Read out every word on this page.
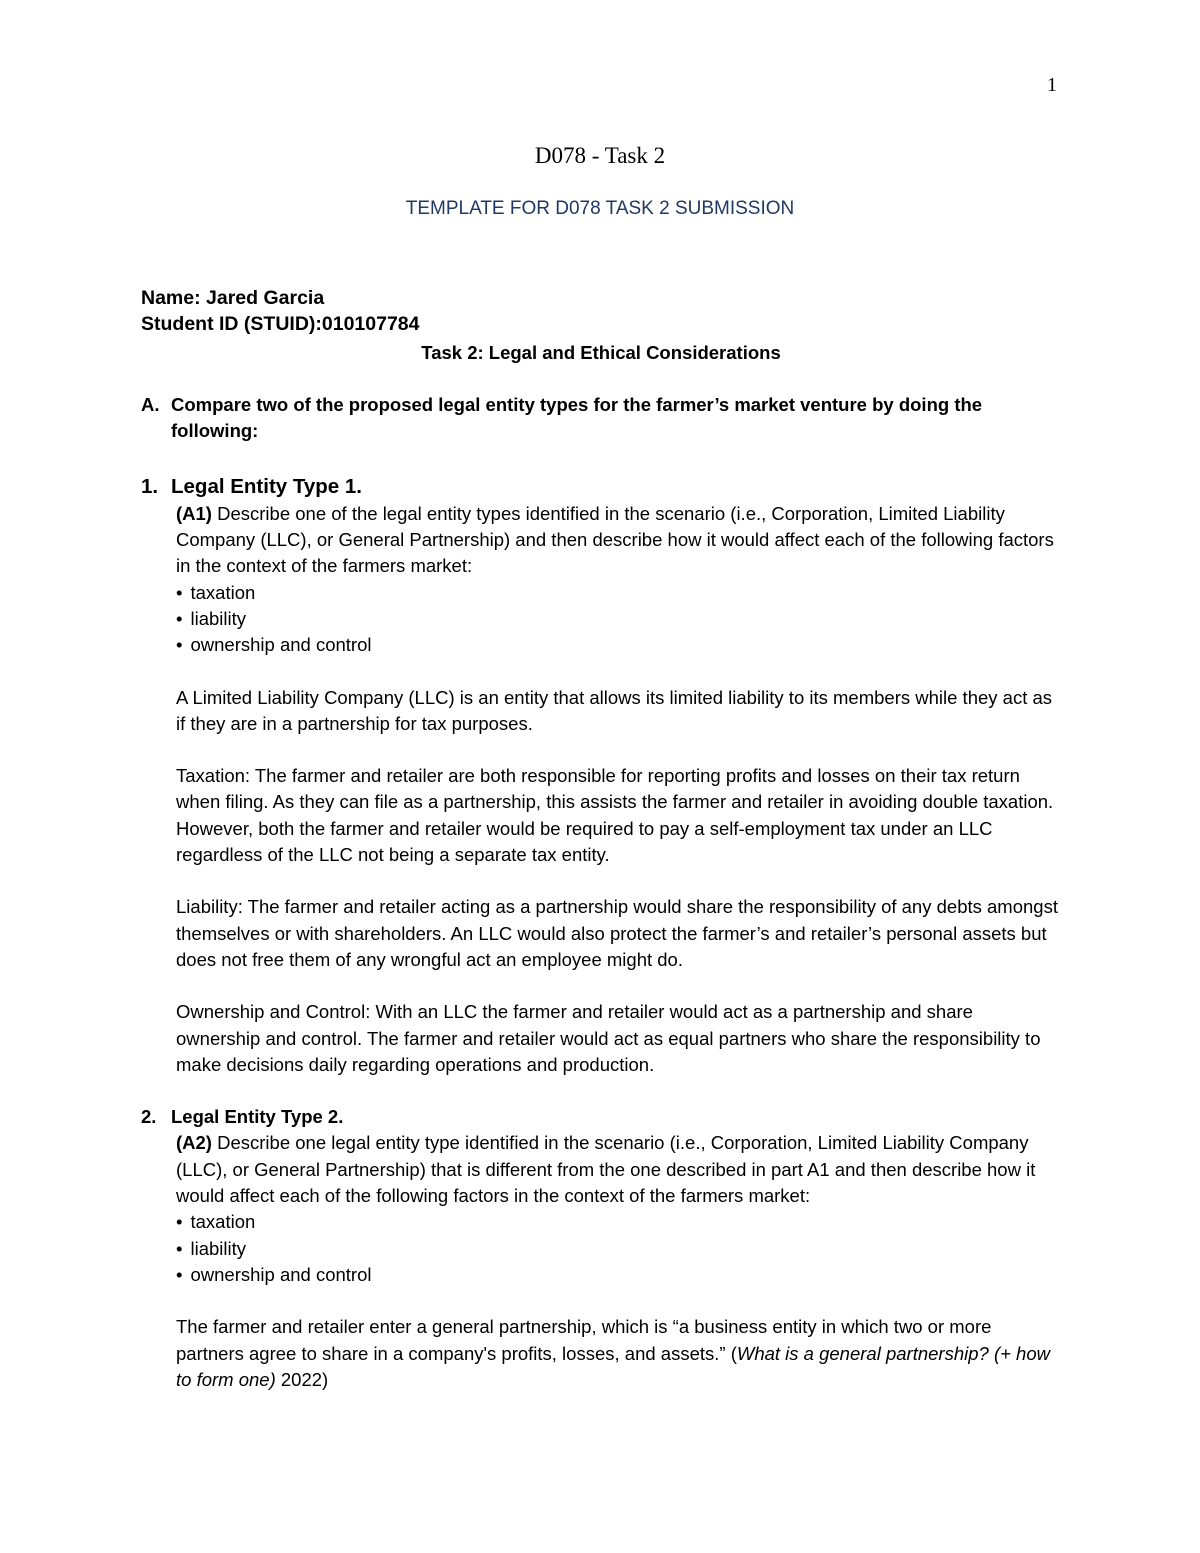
1
D078 - Task 2
TEMPLATE FOR D078 TASK 2 SUBMISSION

Name: Jared Garcia

Student ID (STUID):010107784

Task 2: Legal and Ethical Considerations

A. Compare two of the proposed legal entity types for the farmer’s market venture by doing the

following:

1. Legal Entity Type 1.

(A1) Describe one of the legal entity types identified in the scenario (i.e., Corporation, Limited Liability Company (LLC), or General Partnership) and then describe how it would affect each of the following factors in the context of the farmers market:

• taxation

• liability

• ownership and control

A Limited Liability Company (LLC) is an entity that allows its limited liability to its members while they act as if they are in a partnership for tax purposes.

Taxation: The farmer and retailer are both responsible for reporting profits and losses on their tax return when filing. As they can file as a partnership, this assists the farmer and retailer in avoiding double taxation. However, both the farmer and retailer would be required to pay a self-employment tax under an LLC regardless of the LLC not being a separate tax entity.

Liability: The farmer and retailer acting as a partnership would share the responsibility of any debts amongst themselves or with shareholders. An LLC would also protect the farmer’s and retailer’s personal assets but does not free them of any wrongful act an employee might do.

Ownership and Control: With an LLC the farmer and retailer would act as a partnership and share ownership and control. The farmer and retailer would act as equal partners who share the responsibility to make decisions daily regarding operations and production.

2. Legal Entity Type 2.

(A2) Describe one legal entity type identified in the scenario (i.e., Corporation, Limited Liability Company (LLC), or General Partnership) that is different from the one described in part A1 and then describe how it would affect each of the following factors in the context of the farmers market:

• taxation

• liability

• ownership and control

The farmer and retailer enter a general partnership, which is “a business entity in which two or more partners agree to share in a company's profits, losses, and assets.” (What is a general partnership? (+ how to form one) 2022)
